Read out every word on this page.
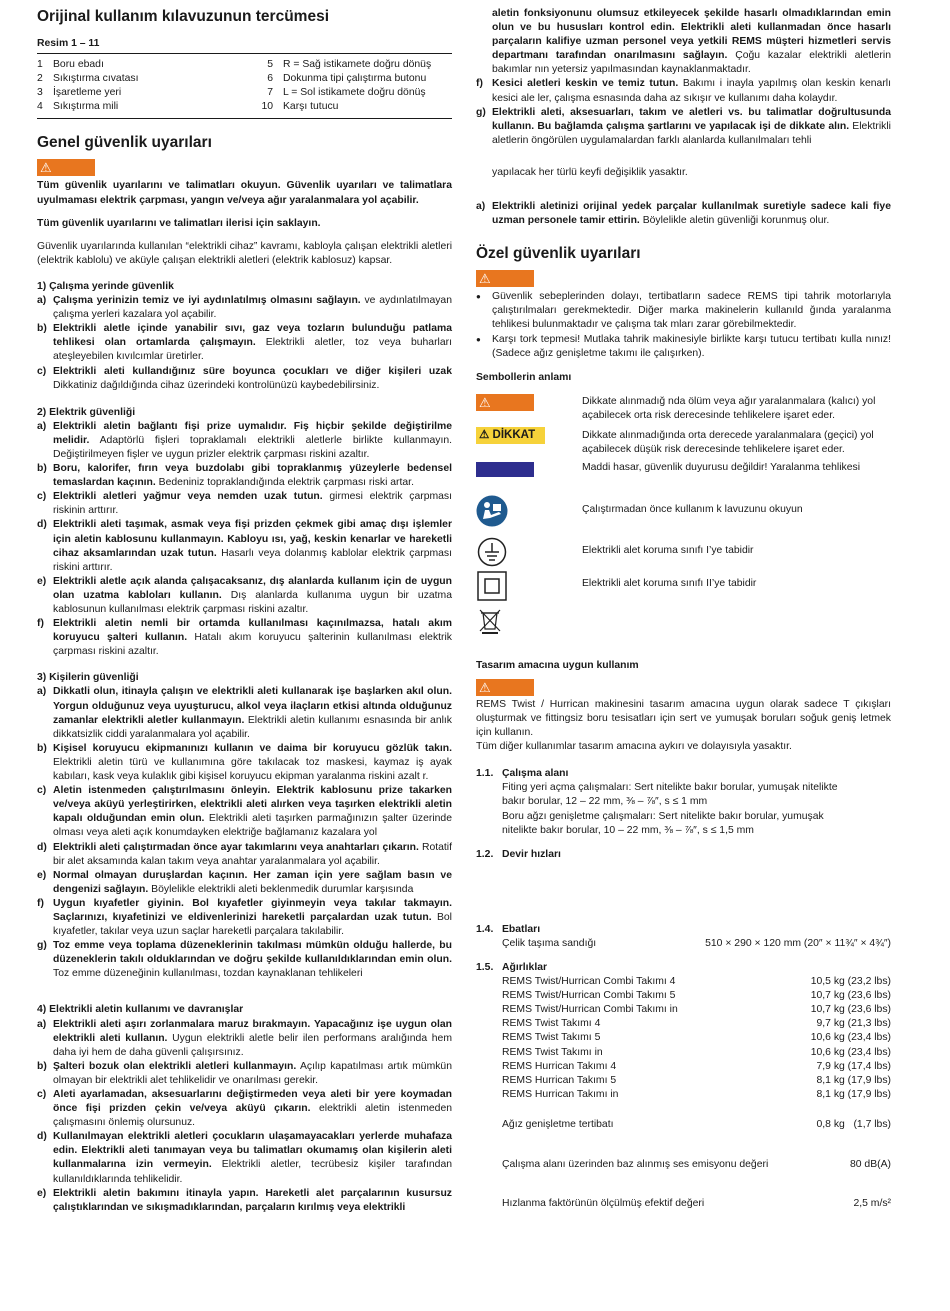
Orijinal kullanım kılavuzunun tercümesi

Resim 1 – 11

1 Boru ebadı
2 Sıkıştırma cıvatası
3 İşaretleme yeri
4 Sıkıştırma mili
5 R = Sağ istikamete doğru dönüş
6 Dokunma tipi çalıştırma butonu
7 L = Sol istikamete doğru dönüş
10 Karşı tutucu

Genel güvenlik uyarıları

⚠

Tüm güvenlik uyarılarını ve talimatları okuyun. Güvenlik uyarıları ve talimatlara uyulmaması elektrik çarpması, yangın ve/veya ağır yaralanmalara yol açabilir.

Tüm güvenlik uyarılarını ve talimatları ilerisi için saklayın.

Güvenlik uyarılarında kullanılan “elektrikli cihaz” kavramı, kabloyla çalışan elektrikli aletleri (elektrik kablolu) ve aküyle çalışan elektrikli aletleri (elektrik kablosuz) kapsar.

1) Çalışma yerinde güvenlik

a) Çalışma yerinizin temiz ve iyi aydınlatılmış olmasını sağlayın. ve aydınlatılmayan çalışma yerleri kazalara yol açabilir.
b) Elektrikli aletle içinde yanabilir sıvı, gaz veya tozların bulunduğu patlama tehlikesi olan ortamlarda çalışmayın. Elektrikli aletler, toz veya buharları ateşleyebilen kıvılcımlar üretirler.
c) Elektrikli aleti kullandığınız süre boyunca çocukları ve diğer kişileri uzak Dikkatiniz dağıldığında cihaz üzerindeki kontrolünüzü kaybedebilirsiniz.

2) Elektrik güvenliği

a) Elektrikli aletin bağlantı fişi prize uymalıdır. Fiş hiçbir şekilde değiştirilme melidir. Adaptörlü fişleri topraklamalı elektrikli aletlerle birlikte kullanmayın. Değiştirilmeyen fişler ve uygun prizler elektrik çarpması riskini azaltır.
b) Boru, kalorifer, fırın veya buzdolabı gibi topraklanmış yüzeylerle bedensel temaslardan kaçının. Bedeniniz topraklandığında elektrik çarpması riski artar.
c) Elektrikli aletleri yağmur veya nemden uzak tutun. girmesi elektrik çarpması riskinin arttırır.
d) Elektrikli aleti taşımak, asmak veya fişi prizden çekmek gibi amaç dışı işlemler için aletin kablosunu kullanmayın. Kabloyu ısı, yağ, keskin kenarlar ve hareketli cihaz aksamlarından uzak tutun. Hasarlı veya dolanmış kablolar elektrik çarpması riskini arttırır.
e) Elektrikli aletle açık alanda çalışacaksanız, dış alanlarda kullanım için de uygun olan uzatma kabloları kullanın. Dış alanlarda kullanıma uygun bir uzatma kablosunun kullanılması elektrik çarpması riskini azaltır.
f) Elektrikli aletin nemli bir ortamda kullanılması kaçınılmazsa, hatalı akım koruyucu şalteri kullanın. Hatalı akım koruyucu şalterinin kullanılması elektrik çarpması riskini azaltır.

3) Kişilerin güvenliği

a) Dikkatli olun, itinayla çalışın ve elektrikli aleti kullanarak işe başlarken akıl olun. Yorgun olduğunuz veya uyuşturucu, alkol veya ilaçların etkisi altında olduğunuz zamanlar elektrikli aletler kullanmayın. Elektrikli aletin kullanımı esnasında bir anlık dikkatsizlik ciddi yaralanmalara yol açabilir.
b) Kişisel koruyucu ekipmanınızı kullanın ve daima bir koruyucu gözlük takın. Elektrikli aletin türü ve kullanımına göre takılacak toz maskesi, kaymaz iş ayak kabıları, kask veya kulaklık gibi kişisel koruyucu ekipman yaralanma riskini azalt r.
c) Aletin istenmeden çalıştırılmasını önleyin. Elektrik kablosunu prize takarken ve/veya aküyü yerleştirirken, elektrikli aleti alırken veya taşırken elektrikli aletin kapalı olduğundan emin olun. Elektrikli aleti taşırken parmağınızın şalter üzerinde olması veya aleti açık konumdayken elektriğe bağlamanız kazalara yol
d) Elektrikli aleti çalıştırmadan önce ayar takımlarını veya anahtarları çıkarın. Rotatif bir alet aksamında kalan takım veya anahtar yaralanmalara yol açabilir.
e) Normal olmayan duruşlardan kaçının. Her zaman için yere sağlam basın ve dengenizi sağlayın. Böylelikle elektrikli aleti beklenmedik durumlar karşısında
f) Uygun kıyafetler giyinin. Bol kıyafetler giyinmeyin veya takılar takmayın. Saçlarınızı, kıyafetinizi ve eldivenlerinizi hareketli parçalardan uzak tutun. Bol kıyafetler, takılar veya uzun saçlar hareketli parçalara takılabilir.
g) Toz emme veya toplama düzeneklerinin takılması mümkün olduğu hallerde, bu düzeneklerin takılı olduklarından ve doğru şekilde kullanıldıklarından emin olun. Toz emme düzeneğinin kullanılması, tozdan kaynaklanan tehlikeleri

4) Elektrikli aletin kullanımı ve davranışlar

a) Elektrikli aleti aşırı zorlanmalara maruz bırakmayın. Yapacağınız işe uygun olan elektrikli aleti kullanın. Uygun elektrikli aletle belir ilen performans aralığında hem daha iyi hem de daha güvenli çalışırsınız.
b) Şalteri bozuk olan elektrikli aletleri kullanmayın. Açılıp kapatılması artık mümkün olmayan bir elektrikli alet tehlikelidir ve onarılması gerekir.
c) Aleti ayarlamadan, aksesuarlarını değiştirmeden veya aleti bir yere koymadan önce fişi prizden çekin ve/veya aküyü çıkarın. elektrikli aletin istenmeden çalışmasını önlemiş olursunuz.
d) Kullanılmayan elektrikli aletleri çocukların ulaşamayacakları yerlerde muhafaza edin. Elektrikli aleti tanımayan veya bu talimatları okumamış olan kişilerin aleti kullanmalarına izin vermeyin. Elektrikli aletler, tecrübesiz kişiler tarafından kullanıldıklarında tehlikelidir.
e) Elektrikli aletin bakımını itinayla yapın. Hareketli alet parçalarının kusursuz çalıştıklarından ve sıkışmadıklarından, parçaların kırılmış veya elektrikli

aletin fonksiyonunu olumsuz etkileyecek şekilde hasarlı olmadıklarından emin olun ve bu hususları kontrol edin. Elektrikli aleti kullanmadan önce hasarlı parçaların kalifiye uzman personel veya yetkili REMS müşteri hizmetleri servis departmanı tarafından onarılmasını sağlayın. Çoğu kazalar elektrikli aletlerin bakımlar nın yetersiz yapılmasından kaynaklanmaktadır.

f) Kesici aletleri keskin ve temiz tutun. Bakımı i inayla yapılmış olan keskin kenarlı kesici ale ler, çalışma esnasında daha az sıkışır ve kullanımı daha kolaydır.
g) Elektrikli aleti, aksesuarları, takım ve aletleri vs. bu talimatlar doğrultusunda kullanın. Bu bağlamda çalışma şartlarını ve yapılacak işi de dikkate alın. Elektrikli aletlerin öngörülen uygulamalardan farklı alanlarda kullanılmaları tehli

yapılacak her türlü keyfi değişiklik yasaktır.

a) Elektrikli aletinizi orijinal yedek parçalar kullanılmak suretiyle sadece kali fiye uzman personele tamir ettirin. Böylelikle aletin güvenliği korunmuş olur.

Özel güvenlik uyarıları

⚠
●	Güvenlik sebeplerinden dolayı, tertibatların sadece REMS tipi tahrik motorlarıyla çalıştırılmaları gerekmektedir. Diğer marka makinelerin kullanıld ğında yaralanma tehlikesi bulunmaktadır ve çalışma tak mları zarar görebilmektedir.
●	Karşı tork tepmesi! Mutlaka tahrik makinesiyle birlikte karşı tutucu tertibatı kulla nınız! (Sadece ağız genişletme takımı ile çalışırken).

Sembollerin anlamı

⚠	Dikkate alınmadığ nda ölüm veya ağır yaralanmalara (kalıcı) yol açabilecek orta risk derecesinde tehlikelere işaret eder.

⚠ DİKKAT	Dikkate alınmadığında orta derecede yaralanmalara (geçici) yol açabilecek düşük risk derecesinde tehlikelere işaret eder.

Maddi hasar, güvenlik duyurusu değildir! Yaralanma tehlikesi

Çalıştırmadan önce kullanım k lavuzunu okuyun

Elektrikli alet koruma sınıfı I’ye tabidir

Elektrikli alet koruma sınıfı II’ye tabidir

Tasarım amacına uygun kullanım

⚠

REMS Twist / Hurrican makinesini tasarım amacına uygun olarak sadece T çıkışları oluşturmak ve fittingsiz boru tesisatları için sert ve yumuşak boruları soğuk geniş letmek için kullanın.

Tüm diğer kullanımlar tasarım amacına aykırı ve dolayısıyla yasaktır.

1.1. Çalışma alanı

Fiting yeri açma çalışmaları: Sert nitelikte bakır borular, yumuşak nitelikte

bakır borular, 12 – 22 mm, ⅜ – ⅞″, s ≤ 1 mm

Boru ağzı genişletme çalışmaları: Sert nitelikte bakır borular, yumuşak

nitelikte bakır borular, 10 – 22 mm, ⅜ – ⅞″, s ≤ 1,5 mm

1.2. Devir hızları
1.4. Ebatları

Çelik taşıma sandığı	510 × 290 × 120 mm (20″ × 11¾″ × 4¾″)
1.5. Ağırlıklar

REMS Twist/Hurrican Combi Takımı 4	10,5 kg (23,2 lbs)
REMS Twist/Hurrican Combi Takımı 5	10,7 kg (23,6 lbs)
REMS Twist/Hurrican Combi Takımı in	10,7 kg (23,6 lbs)
REMS Twist Takımı 4	9,7 kg (21,3 lbs)
REMS Twist Takımı 5	10,6 kg (23,4 lbs)
REMS Twist Takımı in	10,6 kg (23,4 lbs)
REMS Hurrican Takımı 4	7,9 kg (17,4 lbs)
REMS Hurrican Takımı 5	8,1 kg (17,9 lbs)
REMS Hurrican Takımı in	8,1 kg (17,9 lbs)
Ağız genişletme tertibatı	0,8 kg   (1,7 lbs)
Çalışma alanı üzerinden baz alınmış ses emisyonu değeri	80 dB(A)
Hızlanma faktörünün ölçülmüş efektif değeri	2,5 m/s²
